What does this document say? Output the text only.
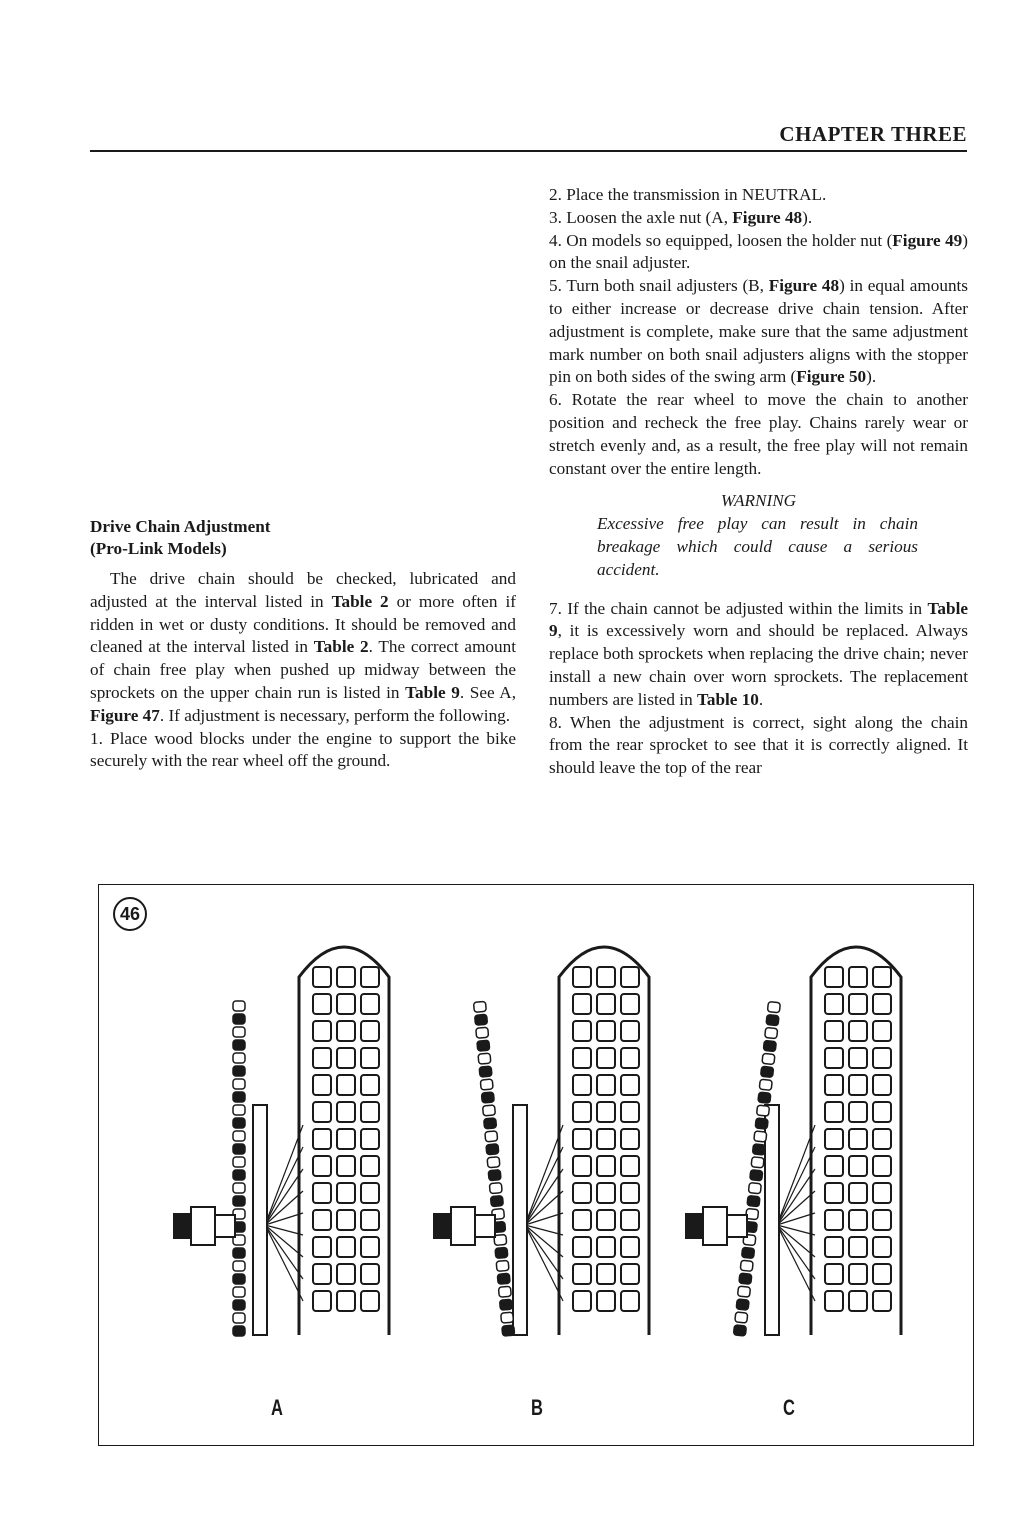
CHAPTER THREE
Drive Chain Adjustment
(Pro-Link Models)

The drive chain should be checked, lubricated and adjusted at the interval listed in Table 2 or more often if ridden in wet or dusty conditions. It should be removed and cleaned at the interval listed in Table 2. The correct amount of chain free play when pushed up midway between the sprockets on the upper chain run is listed in Table 9. See A, Figure 47. If adjustment is necessary, perform the following.

1. Place wood blocks under the engine to support the bike securely with the rear wheel off the ground.

2. Place the transmission in NEUTRAL.

3. Loosen the axle nut (A, Figure 48).

4. On models so equipped, loosen the holder nut (Figure 49) on the snail adjuster.

5. Turn both snail adjusters (B, Figure 48) in equal amounts to either increase or decrease drive chain tension. After adjustment is complete, make sure that the same adjustment mark number on both snail adjusters aligns with the stopper pin on both sides of the swing arm (Figure 50).

6. Rotate the rear wheel to move the chain to another position and recheck the free play. Chains rarely wear or stretch evenly and, as a result, the free play will not remain constant over the entire length.

WARNING
Excessive free play can result in chain breakage which could cause a serious accident.

7. If the chain cannot be adjusted within the limits in Table 9, it is excessively worn and should be replaced. Always replace both sprockets when replacing the drive chain; never install a new chain over worn sprockets. The replacement numbers are listed in Table 10.

8. When the adjustment is correct, sight along the chain from the rear sprocket to see that it is correctly aligned. It should leave the top of the rear

46
A	B	C
